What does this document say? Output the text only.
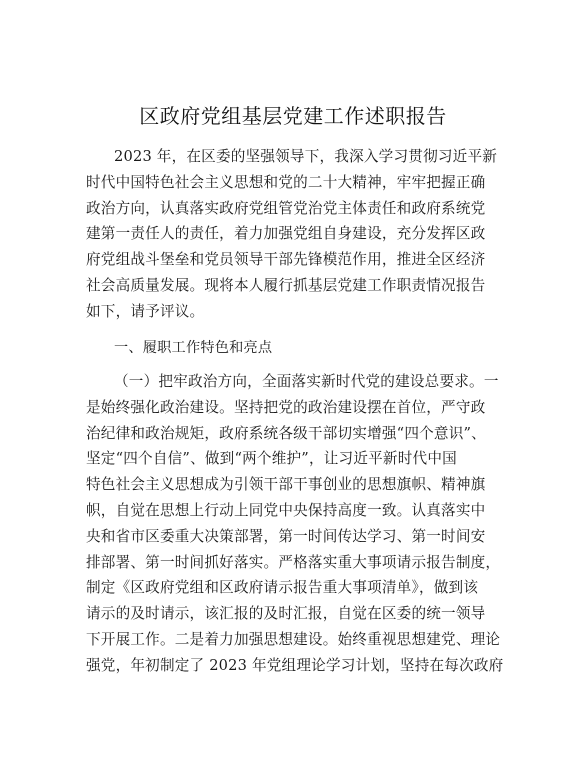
区政府党组基层党建工作述职报告
2023 年，在区委的坚强领导下，我深入学习贯彻习近平新
时代中国特色社会主义思想和党的二十大精神，牢牢把握正确
政治方向，认真落实政府党组管党治党主体责任和政府系统党
建第一责任人的责任，着力加强党组自身建设，充分发挥区政
府党组战斗堡垒和党员领导干部先锋模范作用，推进全区经济
社会高质量发展。现将本人履行抓基层党建工作职责情况报告
如下，请予评议。
一、履职工作特色和亮点
（一）把牢政治方向，全面落实新时代党的建设总要求。一
是始终强化政治建设。坚持把党的政治建设摆在首位，严守政
治纪律和政治规矩，政府系统各级干部切实增强“四个意识”、
坚定“四个自信”、做到“两个维护”，让习近平新时代中国
特色社会主义思想成为引领干部干事创业的思想旗帜、精神旗
帜，自觉在思想上行动上同党中央保持高度一致。认真落实中
央和省市区委重大决策部署，第一时间传达学习、第一时间安
排部署、第一时间抓好落实。严格落实重大事项请示报告制度，
制定《区政府党组和区政府请示报告重大事项清单》，做到该
请示的及时请示，该汇报的及时汇报，自觉在区委的统一领导
下开展工作。二是着力加强思想建设。始终重视思想建党、理论
强党，年初制定了 2023 年党组理论学习计划，坚持在每次政府
